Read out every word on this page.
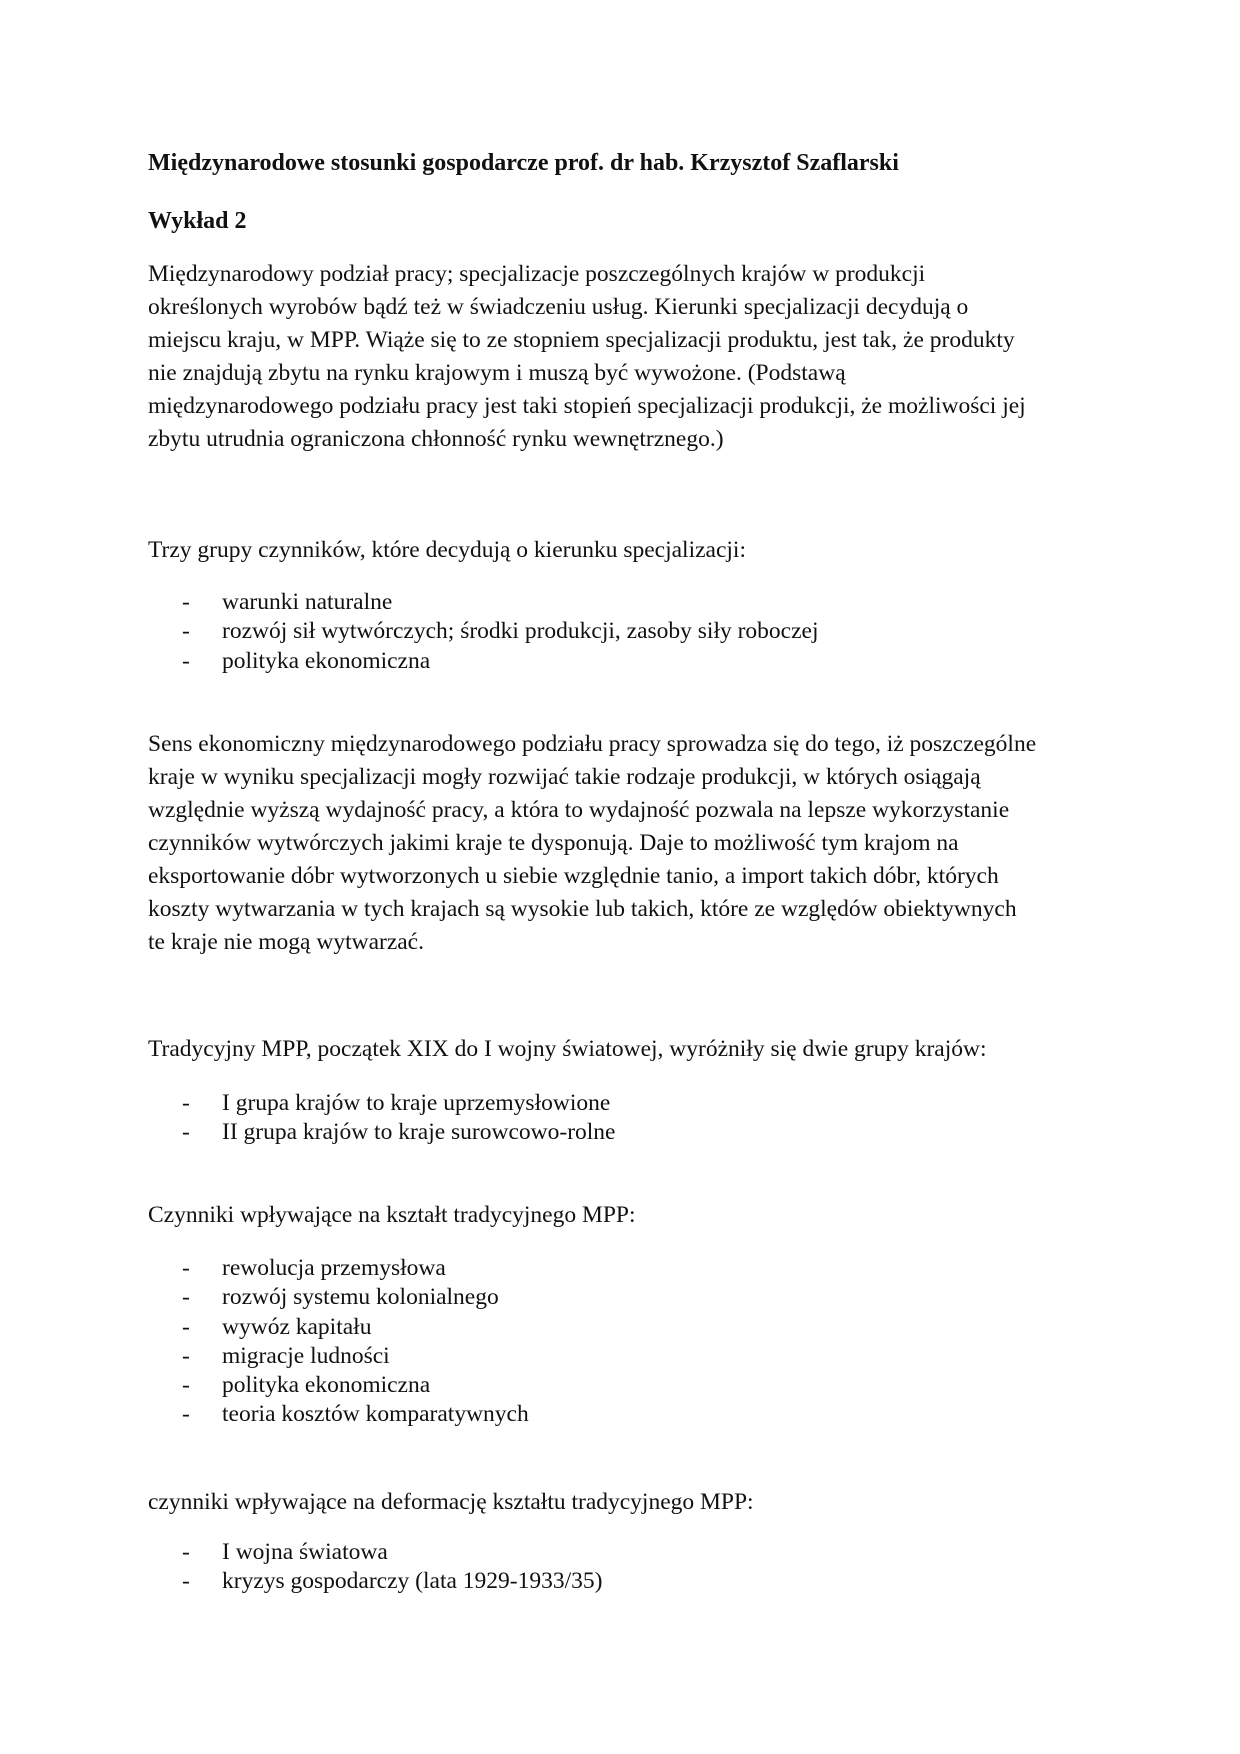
Międzynarodowe stosunki gospodarcze prof. dr hab. Krzysztof Szaflarski
Wykład 2

Międzynarodowy podział pracy; specjalizacje poszczególnych krajów w produkcji
określonych wyrobów bądź też w świadczeniu usług. Kierunki specjalizacji decydują o
miejscu kraju, w MPP. Wiąże się to ze stopniem specjalizacji produktu, jest tak, że produkty
nie znajdują zbytu na rynku krajowym i muszą być wywożone. (Podstawą
międzynarodowego podziału pracy jest taki stopień specjalizacji produkcji, że możliwości jej
zbytu utrudnia ograniczona chłonność rynku wewnętrznego.)

Trzy grupy czynników, które decydują o kierunku specjalizacji:

- warunki naturalne
- rozwój sił wytwórczych; środki produkcji, zasoby siły roboczej
- polityka ekonomiczna

Sens ekonomiczny międzynarodowego podziału pracy sprowadza się do tego, iż poszczególne
kraje w wyniku specjalizacji mogły rozwijać takie rodzaje produkcji, w których osiągają
względnie wyższą wydajność pracy, a która to wydajność pozwala na lepsze wykorzystanie
czynników wytwórczych jakimi kraje te dysponują. Daje to możliwość tym krajom na
eksportowanie dóbr wytworzonych u siebie względnie tanio, a import takich dóbr, których
koszty wytwarzania w tych krajach są wysokie lub takich, które ze względów obiektywnych
te kraje nie mogą wytwarzać.

Tradycyjny MPP, początek XIX do I wojny światowej, wyróżniły się dwie grupy krajów:

- I grupa krajów to kraje uprzemysłowione
- II grupa krajów to kraje surowcowo-rolne

Czynniki wpływające na kształt tradycyjnego MPP:

- rewolucja przemysłowa
- rozwój systemu kolonialnego
- wywóz kapitału
- migracje ludności
- polityka ekonomiczna
- teoria kosztów komparatywnych

czynniki wpływające na deformację kształtu tradycyjnego MPP:

- I wojna światowa
- kryzys gospodarczy (lata 1929-1933/35)
